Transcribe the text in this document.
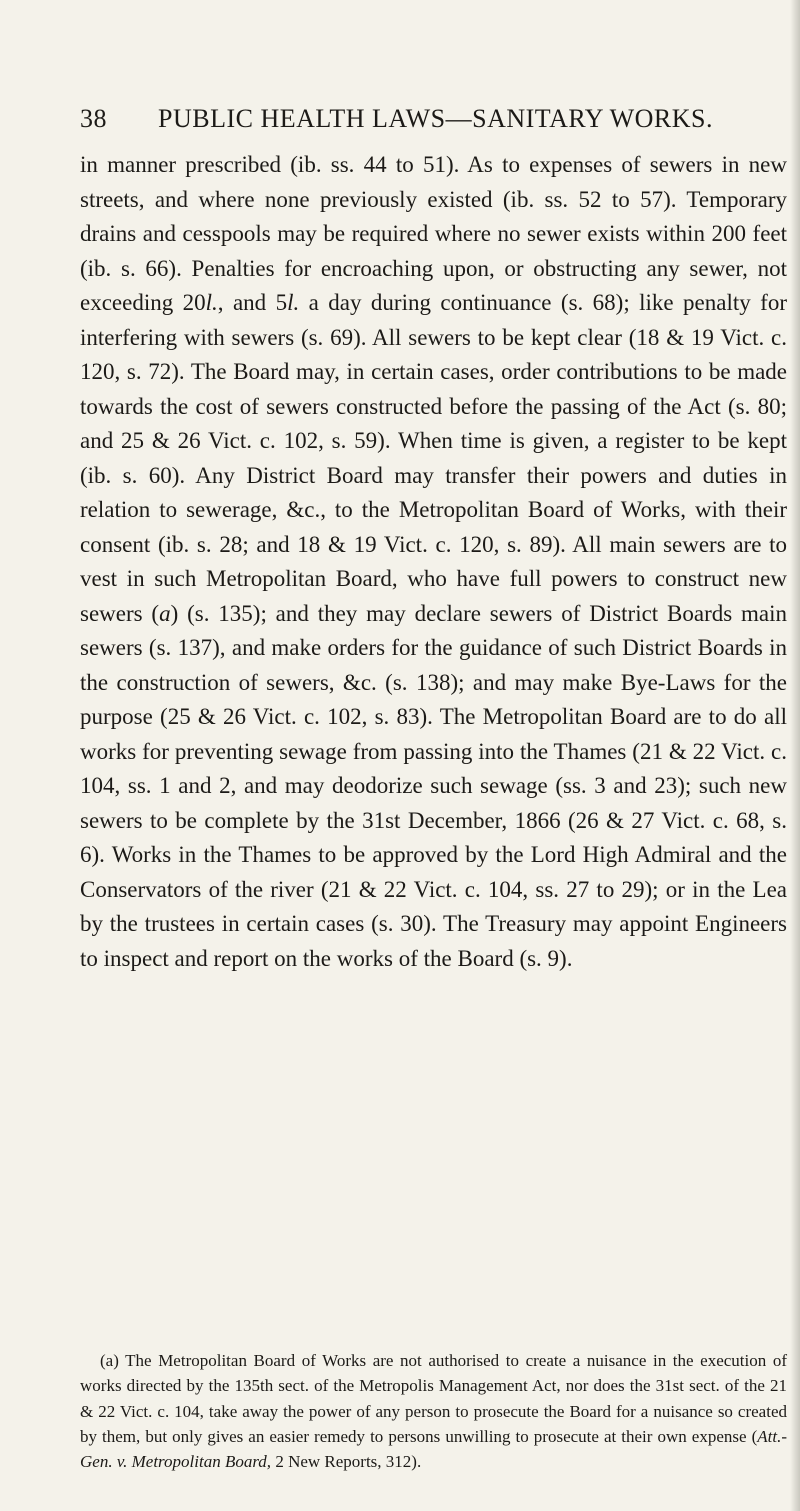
38 PUBLIC HEALTH LAWS—SANITARY WORKS.

in manner prescribed (ib. ss. 44 to 51). As to expenses of sewers in new streets, and where none previously existed (ib. ss. 52 to 57). Temporary drains and cesspools may be required where no sewer exists within 200 feet (ib. s. 66). Penalties for encroaching upon, or obstructing any sewer, not exceeding 20l., and 5l. a day during continuance (s. 68); like penalty for interfering with sewers (s. 69). All sewers to be kept clear (18 & 19 Vict. c. 120, s. 72). The Board may, in certain cases, order contributions to be made towards the cost of sewers constructed before the passing of the Act (s. 80; and 25 & 26 Vict. c. 102, s. 59). When time is given, a register to be kept (ib. s. 60). Any District Board may transfer their powers and duties in relation to sewerage, &c., to the Metropolitan Board of Works, with their consent (ib. s. 28; and 18 & 19 Vict. c. 120, s. 89). All main sewers are to vest in such Metropolitan Board, who have full powers to construct new sewers (a) (s. 135); and they may declare sewers of District Boards main sewers (s. 137), and make orders for the guidance of such District Boards in the construction of sewers, &c. (s. 138); and may make Bye-Laws for the purpose (25 & 26 Vict. c. 102, s. 83). The Metropolitan Board are to do all works for preventing sewage from passing into the Thames (21 & 22 Vict. c. 104, ss. 1 and 2, and may deodorize such sewage (ss. 3 and 23); such new sewers to be complete by the 31st December, 1866 (26 & 27 Vict. c. 68, s. 6). Works in the Thames to be approved by the Lord High Admiral and the Conservators of the river (21 & 22 Vict. c. 104, ss. 27 to 29); or in the Lea by the trustees in certain cases (s. 30). The Treasury may appoint Engineers to inspect and report on the works of the Board (s. 9).

(a) The Metropolitan Board of Works are not authorised to create a nuisance in the execution of works directed by the 135th sect. of the Metropolis Management Act, nor does the 31st sect. of the 21 & 22 Vict. c. 104, take away the power of any person to prosecute the Board for a nuisance so created by them, but only gives an easier remedy to persons unwilling to prosecute at their own expense (Att.-Gen. v. Metropolitan Board, 2 New Reports, 312).
